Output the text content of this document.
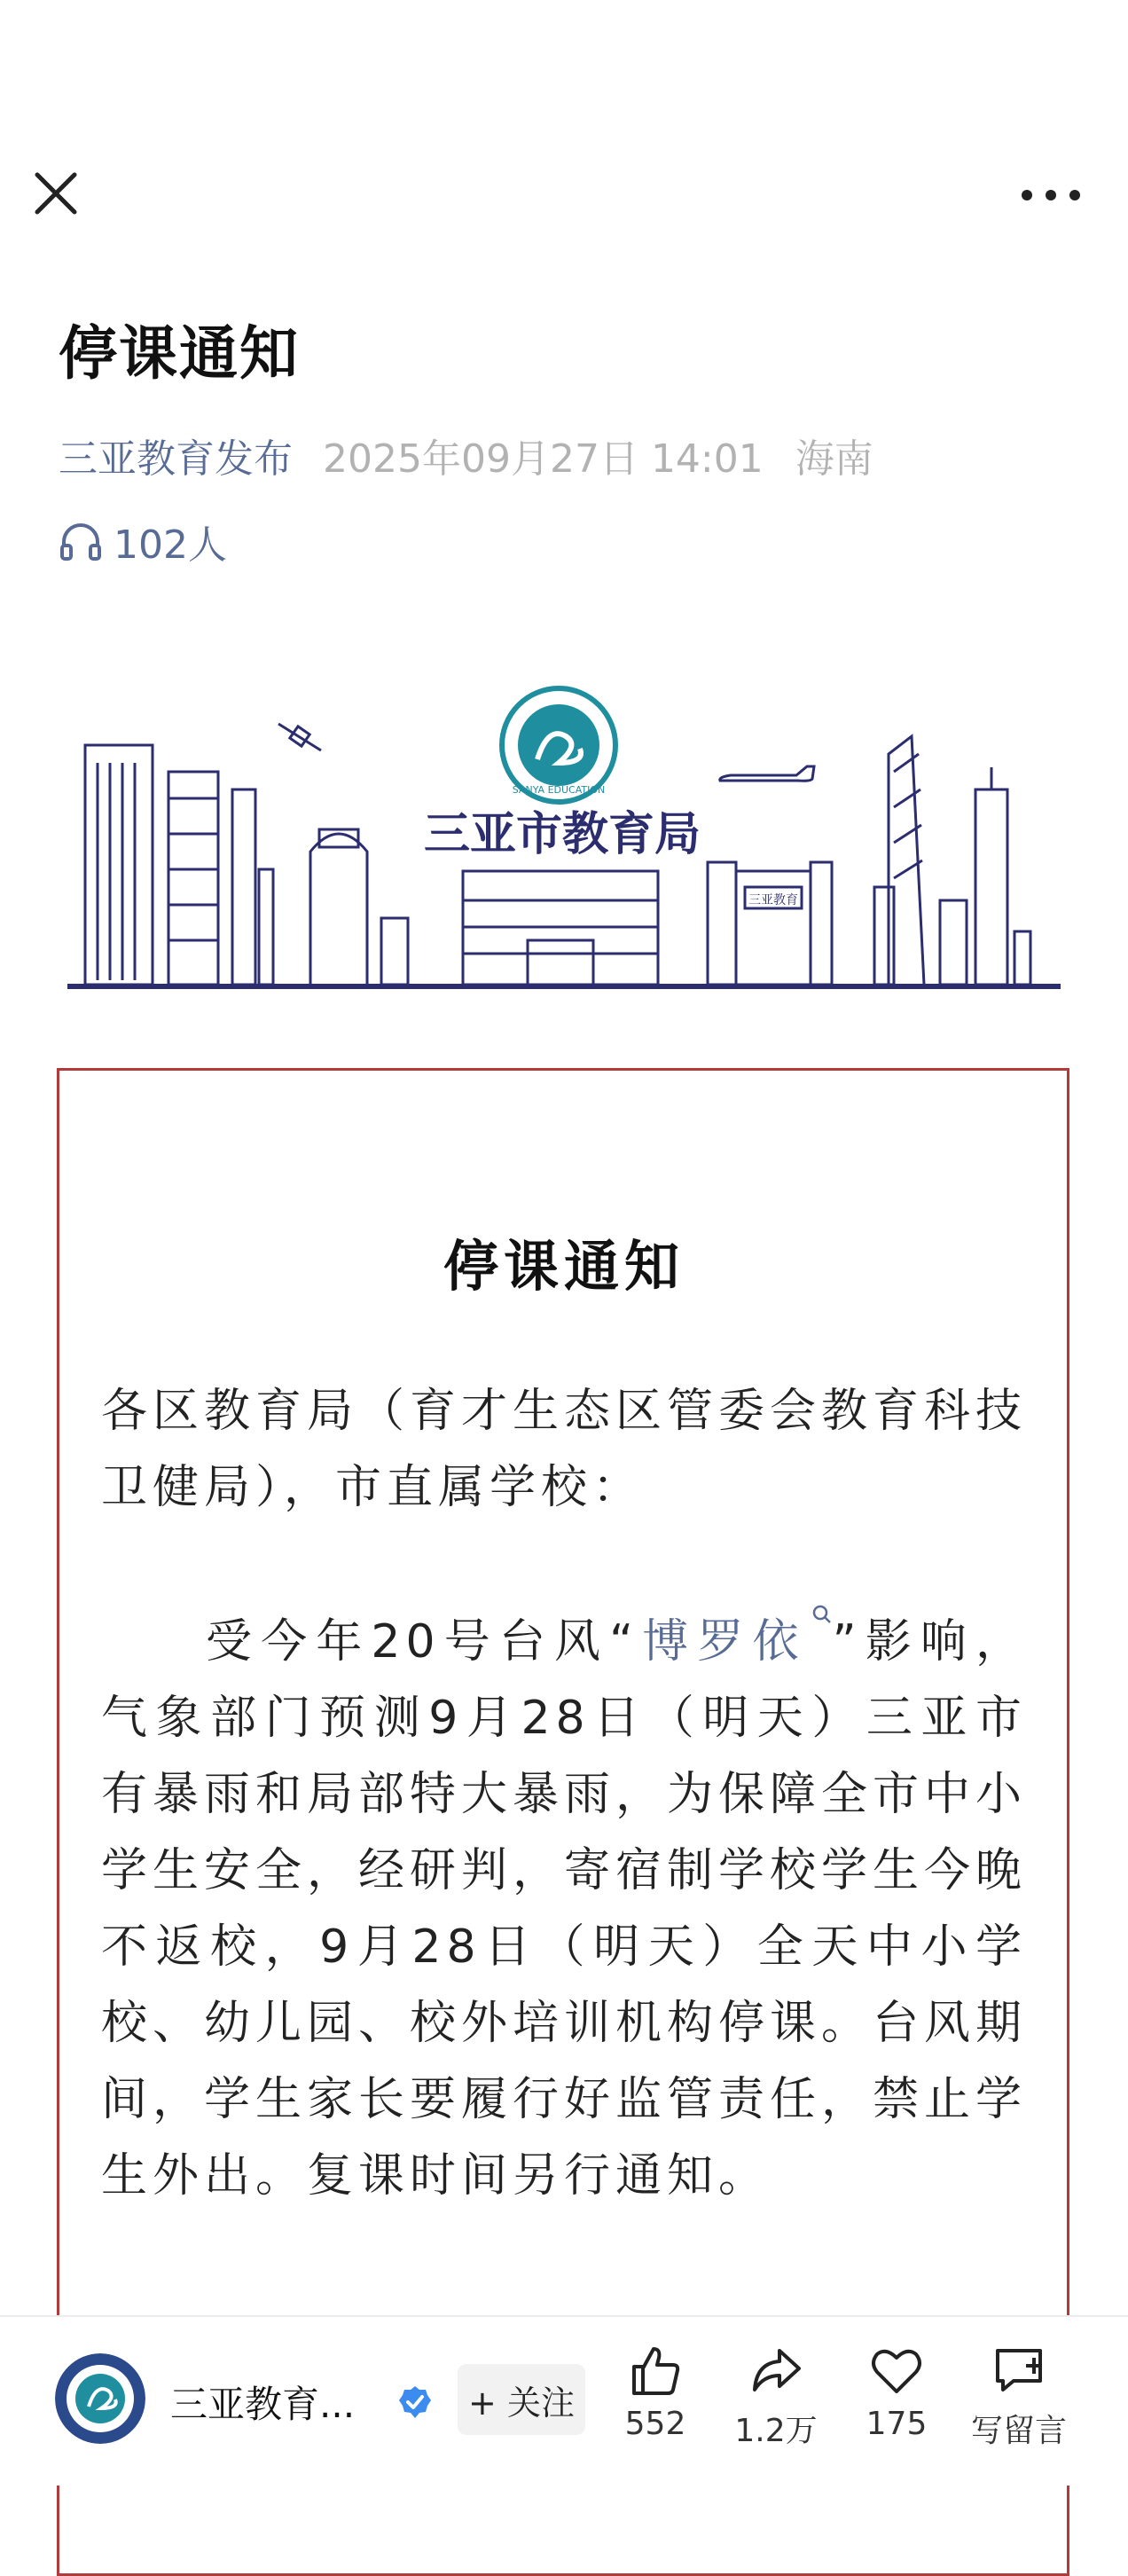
停课通知
三亚教育发布 2025年09月27日 14:01 海南
102人
SANYA EDUCATION
三亚市教育局
三亚教育
停课通知

各区教育局（育才生态区管委会教育科技卫健局），市直属学校：

受今年20号台风“博罗依 ”影响，气象部门预测9月28日（明天）三亚市有暴雨和局部特大暴雨，为保障全市中小学生安全，经研判，寄宿制学校学生今晚不返校，9月28日（明天）全天中小学校、幼儿园、校外培训机构停课。台风期间，学生家长要履行好监管责任，禁止学生外出。复课时间另行通知。

三亚教育...	+ 关注
552	1.2万	175	写留言
